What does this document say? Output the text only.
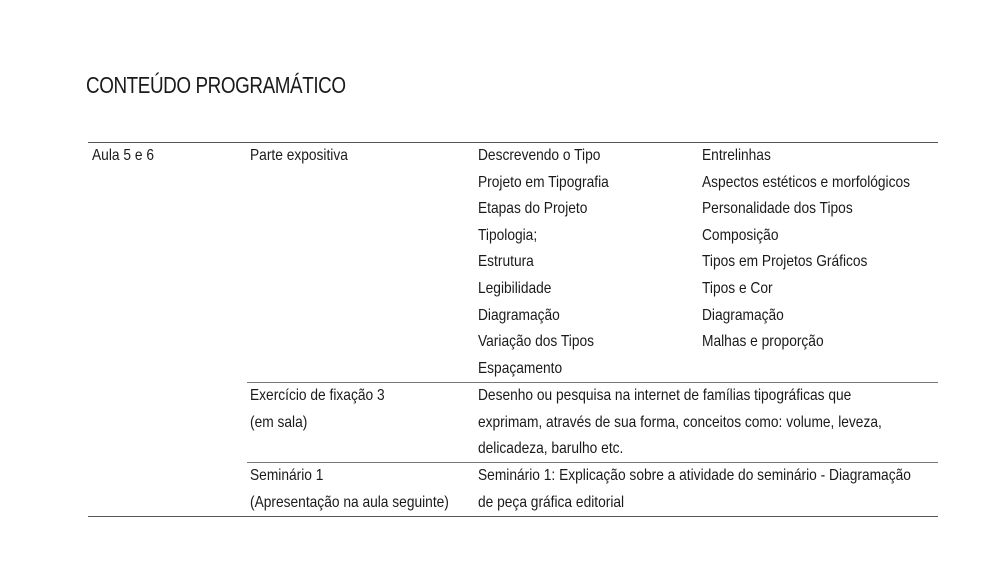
CONTEÚDO PROGRAMÁTICO
Aula 5 e 6	Parte expositiva	Descrevendo o Tipo
Projeto em Tipografia
Etapas do Projeto
Tipologia;
Estrutura
Legibilidade
Diagramação
Variação dos Tipos
Espaçamento
Entrelinhas
Aspectos estéticos e morfológicos
Personalidade dos Tipos
Composição
Tipos em Projetos Gráficos
Tipos e Cor
Diagramação
Malhas e proporção
Exercício de fixação 3
(em sala)
Desenho ou pesquisa na internet de famílias tipográficas que
exprimam, através de sua forma, conceitos como: volume, leveza,
delicadeza, barulho etc.
Seminário 1
(Apresentação na aula seguinte)
Seminário 1: Explicação sobre a atividade do seminário - Diagramação
de peça gráfica editorial
